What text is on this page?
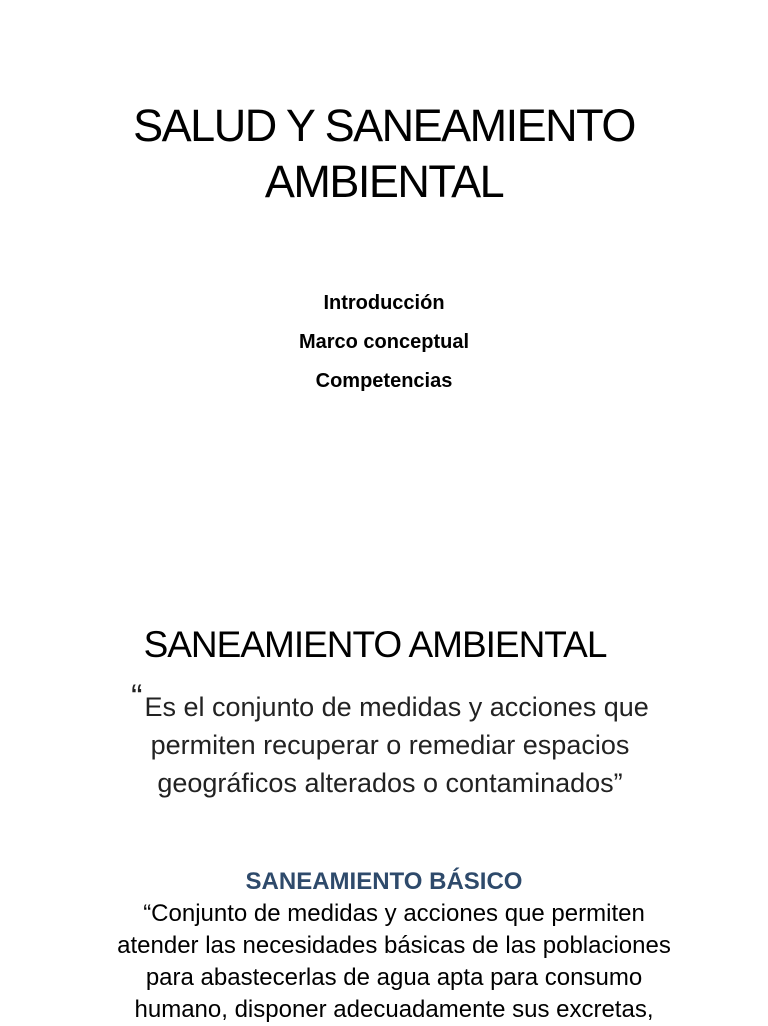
SALUD Y SANEAMIENTO
AMBIENTAL
Introducción
Marco conceptual
Competencias
SANEAMIENTO AMBIENTAL
“Es el conjunto de medidas y acciones que
permiten recuperar o remediar espacios
geográficos alterados o contaminados”
SANEAMIENTO BÁSICO
“Conjunto de medidas y acciones que permiten
atender las necesidades básicas de las poblaciones
para abastecerlas de agua apta para consumo
humano, disponer adecuadamente sus excretas,
